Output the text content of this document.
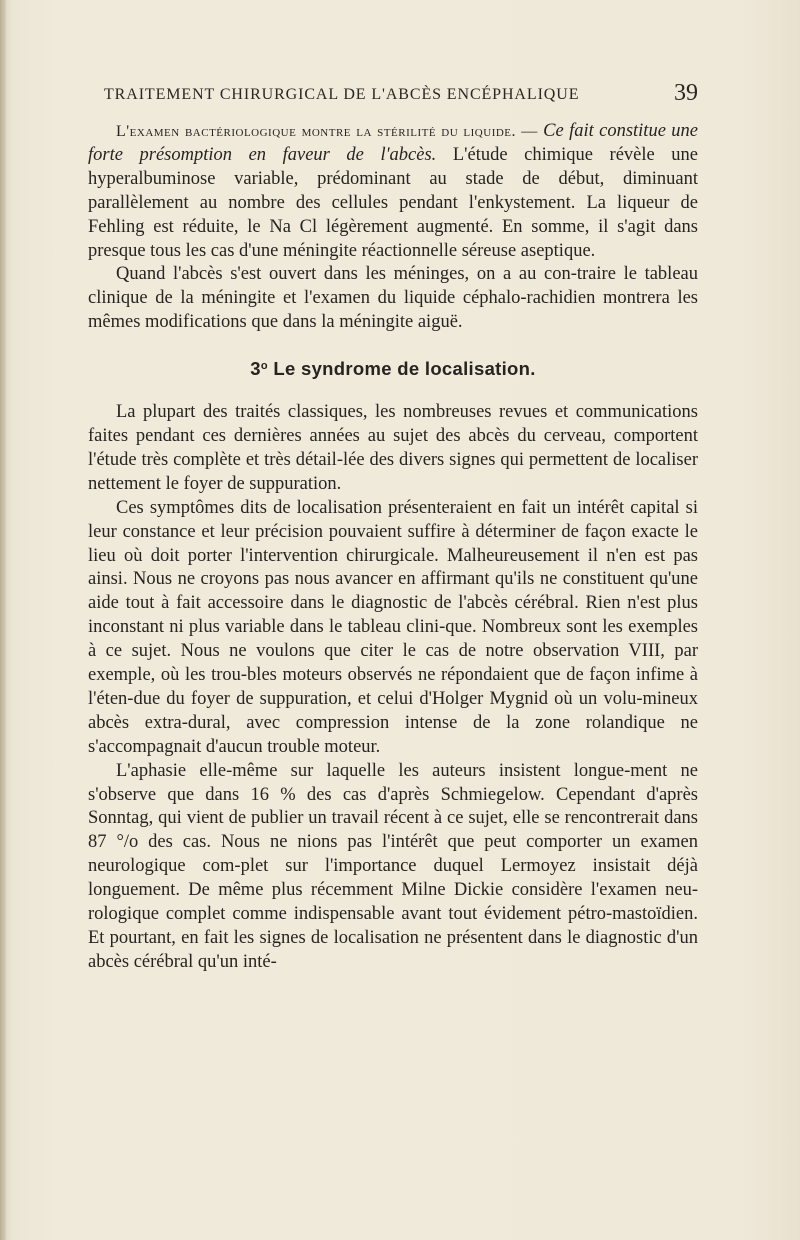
TRAITEMENT CHIRURGICAL DE L'ABCÈS ENCÉPHALIQUE	39

L'examen bactériologique montre la stérilité du liquide. — Ce fait constitue une forte présomption en faveur de l'abcès. L'étude chimique révèle une hyperalbuminose variable, prédominant au stade de début, diminuant parallèlement au nombre des cellules pendant l'enkystement. La liqueur de Fehling est réduite, le Na Cl légèrement augmenté. En somme, il s'agit dans presque tous les cas d'une méningite réactionnelle séreuse aseptique.

Quand l'abcès s'est ouvert dans les méninges, on a au con-traire le tableau clinique de la méningite et l'examen du liquide céphalo-rachidien montrera les mêmes modifications que dans la méningite aiguë.

3$^o$ Le syndrome de localisation.

La plupart des traités classiques, les nombreuses revues et communications faites pendant ces dernières années au sujet des abcès du cerveau, comportent l'étude très complète et très détail-lée des divers signes qui permettent de localiser nettement le foyer de suppuration.

Ces symptômes dits de localisation présenteraient en fait un intérêt capital si leur constance et leur précision pouvaient suffire à déterminer de façon exacte le lieu où doit porter l'intervention chirurgicale. Malheureusement il n'en est pas ainsi. Nous ne croyons pas nous avancer en affirmant qu'ils ne constituent qu'une aide tout à fait accessoire dans le diagnostic de l'abcès cérébral. Rien n'est plus inconstant ni plus variable dans le tableau clini-que. Nombreux sont les exemples à ce sujet. Nous ne voulons que citer le cas de notre observation VIII, par exemple, où les trou-bles moteurs observés ne répondaient que de façon infime à l'éten-due du foyer de suppuration, et celui d'Holger Mygnid où un volu-mineux abcès extra-dural, avec compression intense de la zone rolandique ne s'accompagnait d'aucun trouble moteur.

L'aphasie elle-même sur laquelle les auteurs insistent longue-ment ne s'observe que dans 16 % des cas d'après Schmiegelow. Cependant d'après Sonntag, qui vient de publier un travail récent à ce sujet, elle se rencontrerait dans 87 °/o des cas. Nous ne nions pas l'intérêt que peut comporter un examen neurologique com-plet sur l'importance duquel Lermoyez insistait déjà longuement. De même plus récemment Milne Dickie considère l'examen neu-rologique complet comme indispensable avant tout évidement pétro-mastoïdien. Et pourtant, en fait les signes de localisation ne présentent dans le diagnostic d'un abcès cérébral qu'un inté-
